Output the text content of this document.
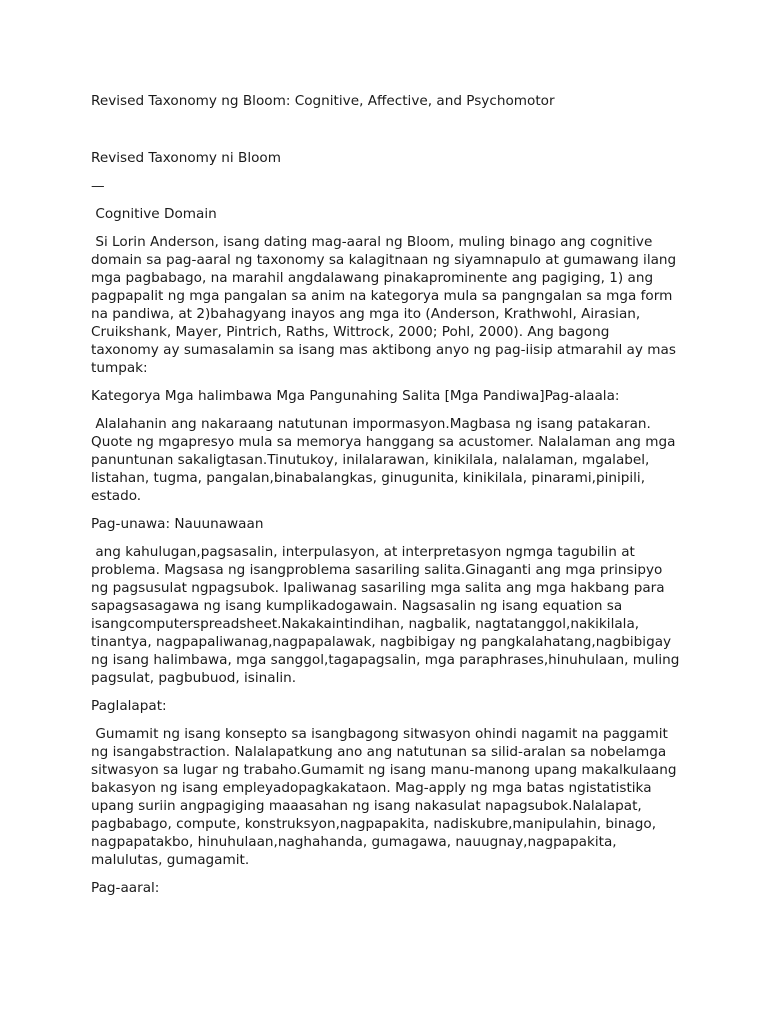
Revised Taxonomy ng Bloom: Cognitive, Affective, and Psychomotor

Revised Taxonomy ni Bloom

—

Cognitive Domain

Si Lorin Anderson, isang dating mag-aaral ng Bloom, muling binago ang cognitive domain sa pag-aaral ng taxonomy sa kalagitnaan ng siyamnapulo at gumawang ilang mga pagbabago, na marahil angdalawang pinakaprominente ang pagiging, 1) ang pagpapalit ng mga pangalan sa anim na kategorya mula sa pangngalan sa mga form na pandiwa, at 2)bahagyang inayos ang mga ito (Anderson, Krathwohl, Airasian, Cruikshank, Mayer, Pintrich, Raths, Wittrock, 2000; Pohl, 2000). Ang bagong taxonomy ay sumasalamin sa isang mas aktibong anyo ng pag-iisip atmarahil ay mas tumpak:

Kategorya Mga halimbawa Mga Pangunahing Salita [Mga Pandiwa]Pag-alaala:

Alalahanin ang nakaraang natutunan impormasyon.Magbasa ng isang patakaran. Quote ng mgapresyo mula sa memorya hanggang sa acustomer. Nalalaman ang mga panuntunan sakaligtasan.Tinutukoy, inilalarawan, kinikilala, nalalaman, mgalabel, listahan, tugma, pangalan,binabalangkas, ginugunita, kinikilala, pinarami,pinipili, estado.

Pag-unawa: Nauunawaan

ang kahulugan,pagsasalin, interpulasyon, at interpretasyon ngmga tagubilin at problema. Magsasa ng isangproblema sasariling salita.Ginaganti ang mga prinsipyo ng pagsusulat ngpagsubok. Ipaliwanag sasariling mga salita ang mga hakbang para sapagsasagawa ng isang kumplikadogawain. Nagsasalin ng isang equation sa isangcomputerspreadsheet.Nakakaintindihan, nagbalik, nagtatanggol,nakikilala, tinantya, nagpapaliwanag,nagpapalawak, nagbibigay ng pangkalahatang,nagbibigay ng isang halimbawa, mga sanggol,tagapagsalin, mga paraphrases,hinuhulaan, muling pagsulat, pagbubuod, isinalin.

Paglalapat:

Gumamit ng isang konsepto sa isangbagong sitwasyon ohindi nagamit na paggamit ng isangabstraction. Nalalapatkung ano ang natutunan sa silid-aralan sa nobelamga sitwasyon sa lugar ng trabaho.Gumamit ng isang manu-manong upang makalkulaang bakasyon ng isang empleyadopagkakataon. Mag-apply ng mga batas ngistatistika upang suriin angpagiging maaasahan ng isang nakasulat napagsubok.Nalalapat, pagbabago, compute, konstruksyon,nagpapakita, nadiskubre,manipulahin, binago, nagpapatakbo, hinuhulaan,naghahanda, gumagawa, nauugnay,nagpapakita, malulutas, gumagamit.

Pag-aaral:
